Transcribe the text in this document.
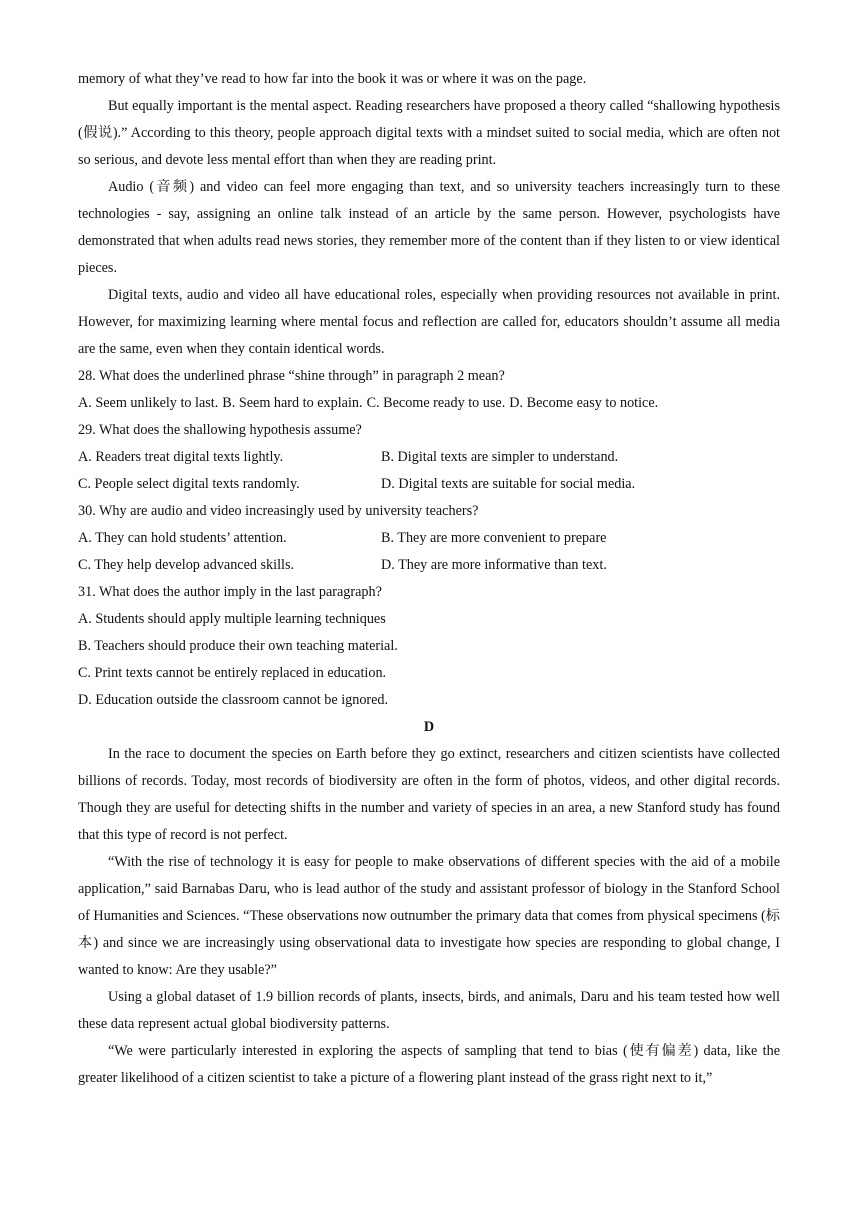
memory of what they’ve read to how far into the book it was or where it was on the page.

But equally important is the mental aspect. Reading researchers have proposed a theory called “shallowing hypothesis (假说).” According to this theory, people approach digital texts with a mindset suited to social media, which are often not so serious, and devote less mental effort than when they are reading print.

Audio (音频) and video can feel more engaging than text, and so university teachers increasingly turn to these technologies - say, assigning an online talk instead of an article by the same person. However, psychologists have demonstrated that when adults read news stories, they remember more of the content than if they listen to or view identical pieces.

Digital texts, audio and video all have educational roles, especially when providing resources not available in print. However, for maximizing learning where mental focus and reflection are called for, educators shouldn’t assume all media are the same, even when they contain identical words.

28. What does the underlined phrase “shine through” in paragraph 2 mean?

A. Seem unlikely to last. B. Seem hard to explain. C. Become ready to use. D. Become easy to notice.

29. What does the shallowing hypothesis assume?

A. Readers treat digital texts lightly.	B. Digital texts are simpler to understand.
C. People select digital texts randomly.	D. Digital texts are suitable for social media.

30. Why are audio and video increasingly used by university teachers?

A. They can hold students’ attention.	B. They are more convenient to prepare
C. They help develop advanced skills.	D. They are more informative than text.

31. What does the author imply in the last paragraph?

A. Students should apply multiple learning techniques

B. Teachers should produce their own teaching material.

C. Print texts cannot be entirely replaced in education.

D. Education outside the classroom cannot be ignored.

D

In the race to document the species on Earth before they go extinct, researchers and citizen scientists have collected billions of records. Today, most records of biodiversity are often in the form of photos, videos, and other digital records. Though they are useful for detecting shifts in the number and variety of species in an area, a new Stanford study has found that this type of record is not perfect.

“With the rise of technology it is easy for people to make observations of different species with the aid of a mobile application,” said Barnabas Daru, who is lead author of the study and assistant professor of biology in the Stanford School of Humanities and Sciences. “These observations now outnumber the primary data that comes from physical specimens (标本) and since we are increasingly using observational data to investigate how species are responding to global change, I wanted to know: Are they usable?”

Using a global dataset of 1.9 billion records of plants, insects, birds, and animals, Daru and his team tested how well these data represent actual global biodiversity patterns.

“We were particularly interested in exploring the aspects of sampling that tend to bias (使有偏差) data, like the greater likelihood of a citizen scientist to take a picture of a flowering plant instead of the grass right next to it,”
